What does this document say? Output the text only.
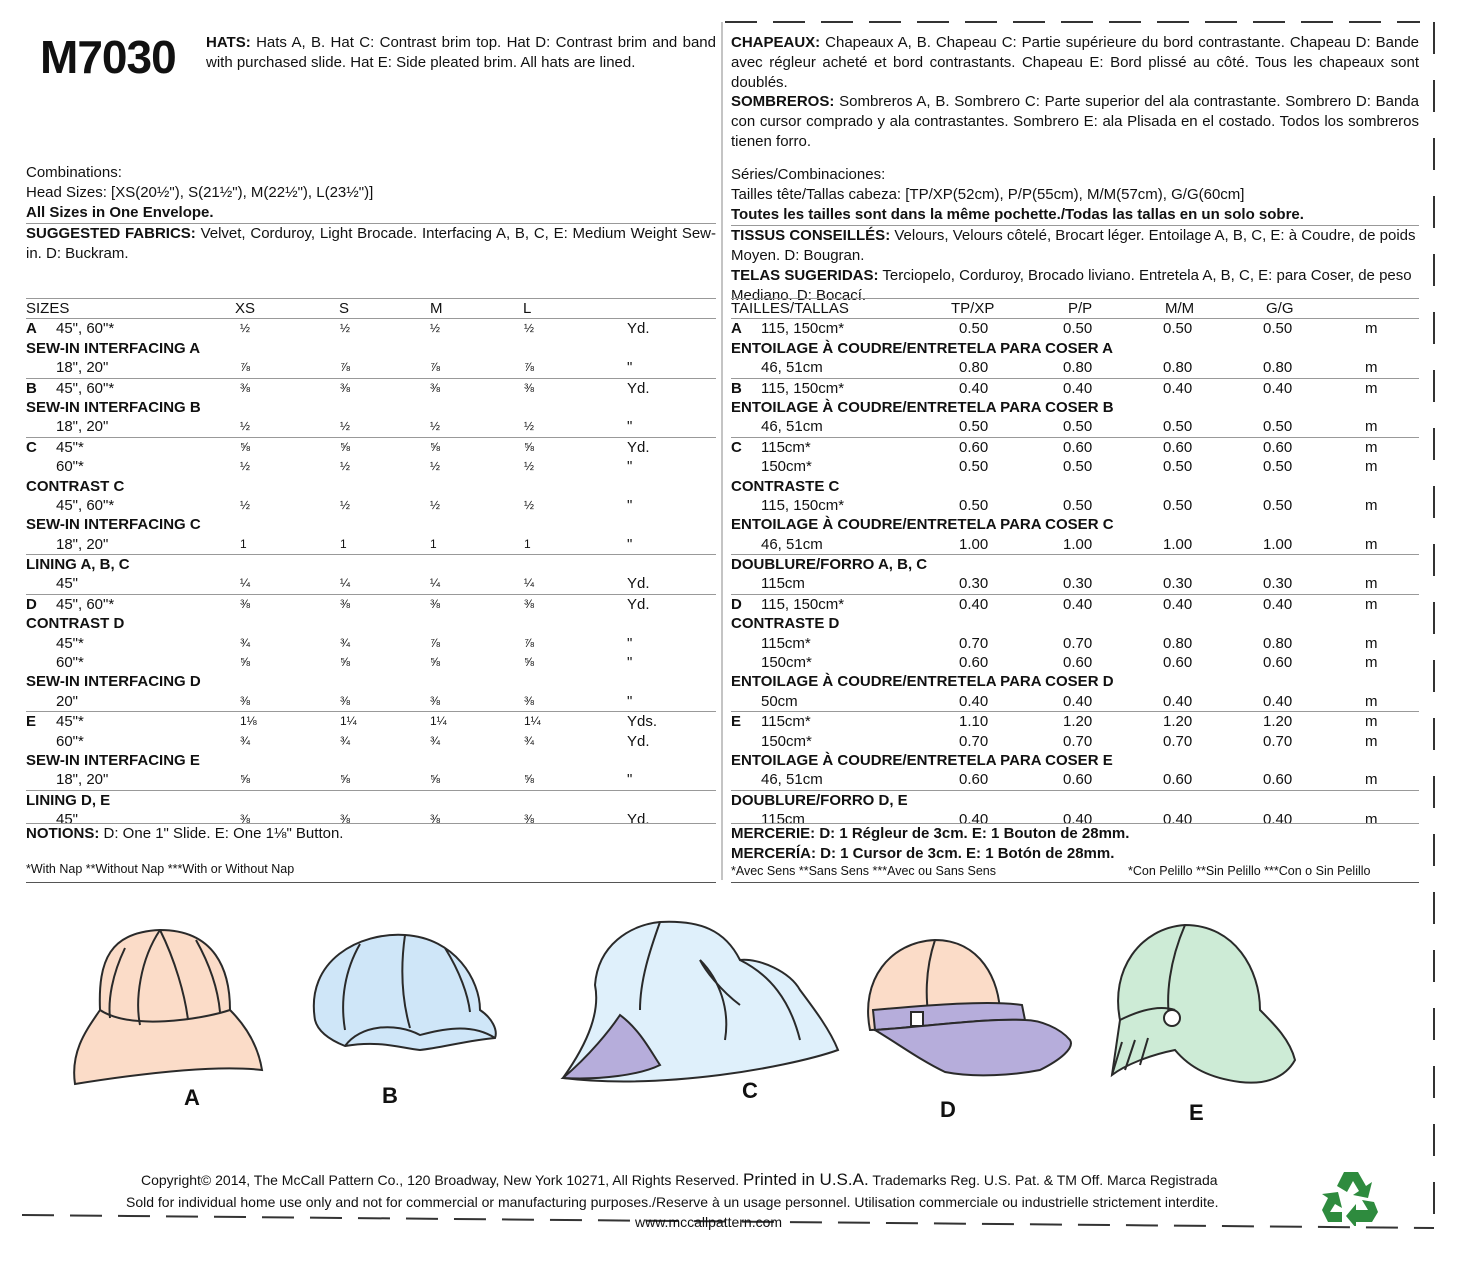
M7030 HATS: Hats A, B. Hat C: Contrast brim top. Hat D: Contrast brim and band with purchased slide. Hat E: Side pleated brim. All hats are lined.
CHAPEAUX: Chapeaux A, B. Chapeau C: Partie supérieure du bord contrastante. Chapeau D: Bande avec régleur acheté et bord contrastants. Chapeau E: Bord plissé au côté. Tous les chapeaux sont doublés.
SOMBREROS: Sombreros A, B. Sombrero C: Parte superior del ala contrastante. Sombrero D: Banda con cursor comprado y ala contrastantes. Sombrero E: ala Plisada en el costado. Todos los sombreros tienen forro.
Combinations:
Head Sizes: [XS(20½"), S(21½"), M(22½"), L(23½")]
All Sizes in One Envelope.
SUGGESTED FABRICS: Velvet, Corduroy, Light Brocade. Interfacing A, B, C, E: Medium Weight Sew-in. D: Buckram.
Séries/Combinaciones:
Tailles tête/Tallas cabeza: [TP/XP(52cm), P/P(55cm), M/M(57cm), G/G(60cm]
Toutes les tailles sont dans la même pochette./Todas las tallas en un solo sobre.
TISSUS CONSEILLÉS: Velours, Velours côtelé, Brocart léger. Entoilage A, B, C, E: à Coudre, de poids Moyen. D: Bougran.
TELAS SUGERIDAS: Terciopelo, Corduroy, Brocado liviano. Entretela A, B, C, E: para Coser, de peso Mediano. D: Bocací.
SIZES	XS	S	M	L
A 45", 60"*	½	½	½	½	Yd.
SEW-IN INTERFACING A
18", 20"	⅞	⅞	⅞	⅞	"
B 45", 60"*	⅜	⅜	⅜	⅜	Yd.
SEW-IN INTERFACING B
18", 20"	½	½	½	½	"
C 45"*	⅝	⅝	⅝	⅝	Yd.
60"*	½	½	½	½	"
CONTRAST C
45", 60"*	½	½	½	½	"
SEW-IN INTERFACING C
18", 20"	1	1	1	1	"
LINING A, B, C
45"	¼	¼	¼	¼	Yd.
D 45", 60"*	⅜	⅜	⅜	⅜	Yd.
CONTRAST D
45"*	¾	¾	⅞	⅞	"
60"*	⅝	⅝	⅝	⅝	"
SEW-IN INTERFACING D
20"	⅜	⅜	⅜	⅜	"
E 45"*	1⅛	1¼	1¼	1¼	Yds.
60"*	¾	¾	¾	¾	Yd.
SEW-IN INTERFACING E
18", 20"	⅝	⅝	⅝	⅝	"
LINING D, E
45"	⅜	⅜	⅜	⅜	Yd.
TAILLES/TALLAS	TP/XP	P/P	M/M	G/G
A 115, 150cm*	0.50	0.50	0.50	0.50	m
ENTOILAGE À COUDRE/ENTRETELA PARA COSER A
46, 51cm	0.80	0.80	0.80	0.80	m
B 115, 150cm*	0.40	0.40	0.40	0.40	m
ENTOILAGE À COUDRE/ENTRETELA PARA COSER B
46, 51cm	0.50	0.50	0.50	0.50	m
C 115cm*	0.60	0.60	0.60	0.60	m
150cm*	0.50	0.50	0.50	0.50	m
CONTRASTE C
115, 150cm*	0.50	0.50	0.50	0.50	m
ENTOILAGE À COUDRE/ENTRETELA PARA COSER C
46, 51cm	1.00	1.00	1.00	1.00	m
DOUBLURE/FORRO A, B, C
115cm	0.30	0.30	0.30	0.30	m
D 115, 150cm*	0.40	0.40	0.40	0.40	m
CONTRASTE D
115cm*	0.70	0.70	0.80	0.80	m
150cm*	0.60	0.60	0.60	0.60	m
ENTOILAGE À COUDRE/ENTRETELA PARA COSER D
50cm	0.40	0.40	0.40	0.40	m
E 115cm*	1.10	1.20	1.20	1.20	m
150cm*	0.70	0.70	0.70	0.70	m
ENTOILAGE À COUDRE/ENTRETELA PARA COSER E
46, 51cm	0.60	0.60	0.60	0.60	m
DOUBLURE/FORRO D, E
115cm	0.40	0.40	0.40	0.40	m
NOTIONS: D: One 1" Slide. E: One 1⅛" Button.
*With Nap **Without Nap ***With or Without Nap
MERCERIE: D: 1 Régleur de 3cm. E: 1 Bouton de 28mm.
MERCERÍA: D: 1 Cursor de 3cm. E: 1 Botón de 28mm.
*Avec Sens **Sans Sens ***Avec ou Sans Sens	*Con Pelillo **Sin Pelillo ***Con o Sin Pelillo
A	B	C
D	E
Copyright© 2014, The McCall Pattern Co., 120 Broadway, New York 10271, All Rights Reserved. Printed in U.S.A. Trademarks Reg. U.S. Pat. & TM Off. Marca Registrada
Sold for individual home use only and not for commercial or manufacturing purposes./Reserve à un usage personnel. Utilisation commerciale ou industrielle strictement interdite.
www.mccallpattern.com
